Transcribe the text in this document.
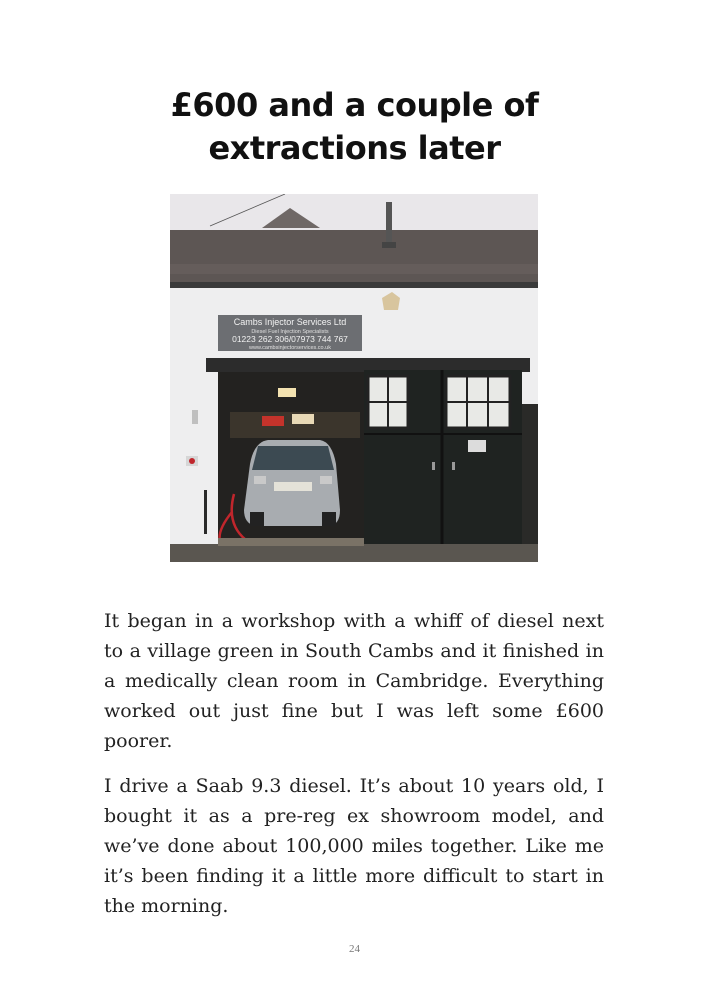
£600 and a couple of
extractions later
Cambs Injector Services Ltd
Diesel Fuel Injection Specialists
01223 262 306/07973 744 767
www.cambsinjectorservices.co.uk

It began in a workshop with a whiff of diesel next to a village green in South Cambs and it finished in a medically clean room in Cambridge. Everything worked out just fine but I was left some £600 poorer.

I drive a Saab 9.3 diesel. It’s about 10 years old, I bought it as a pre-reg ex showroom model, and we’ve done about 100,000 miles together. Like me it’s been finding it a little more difficult to start in the morning.

24
